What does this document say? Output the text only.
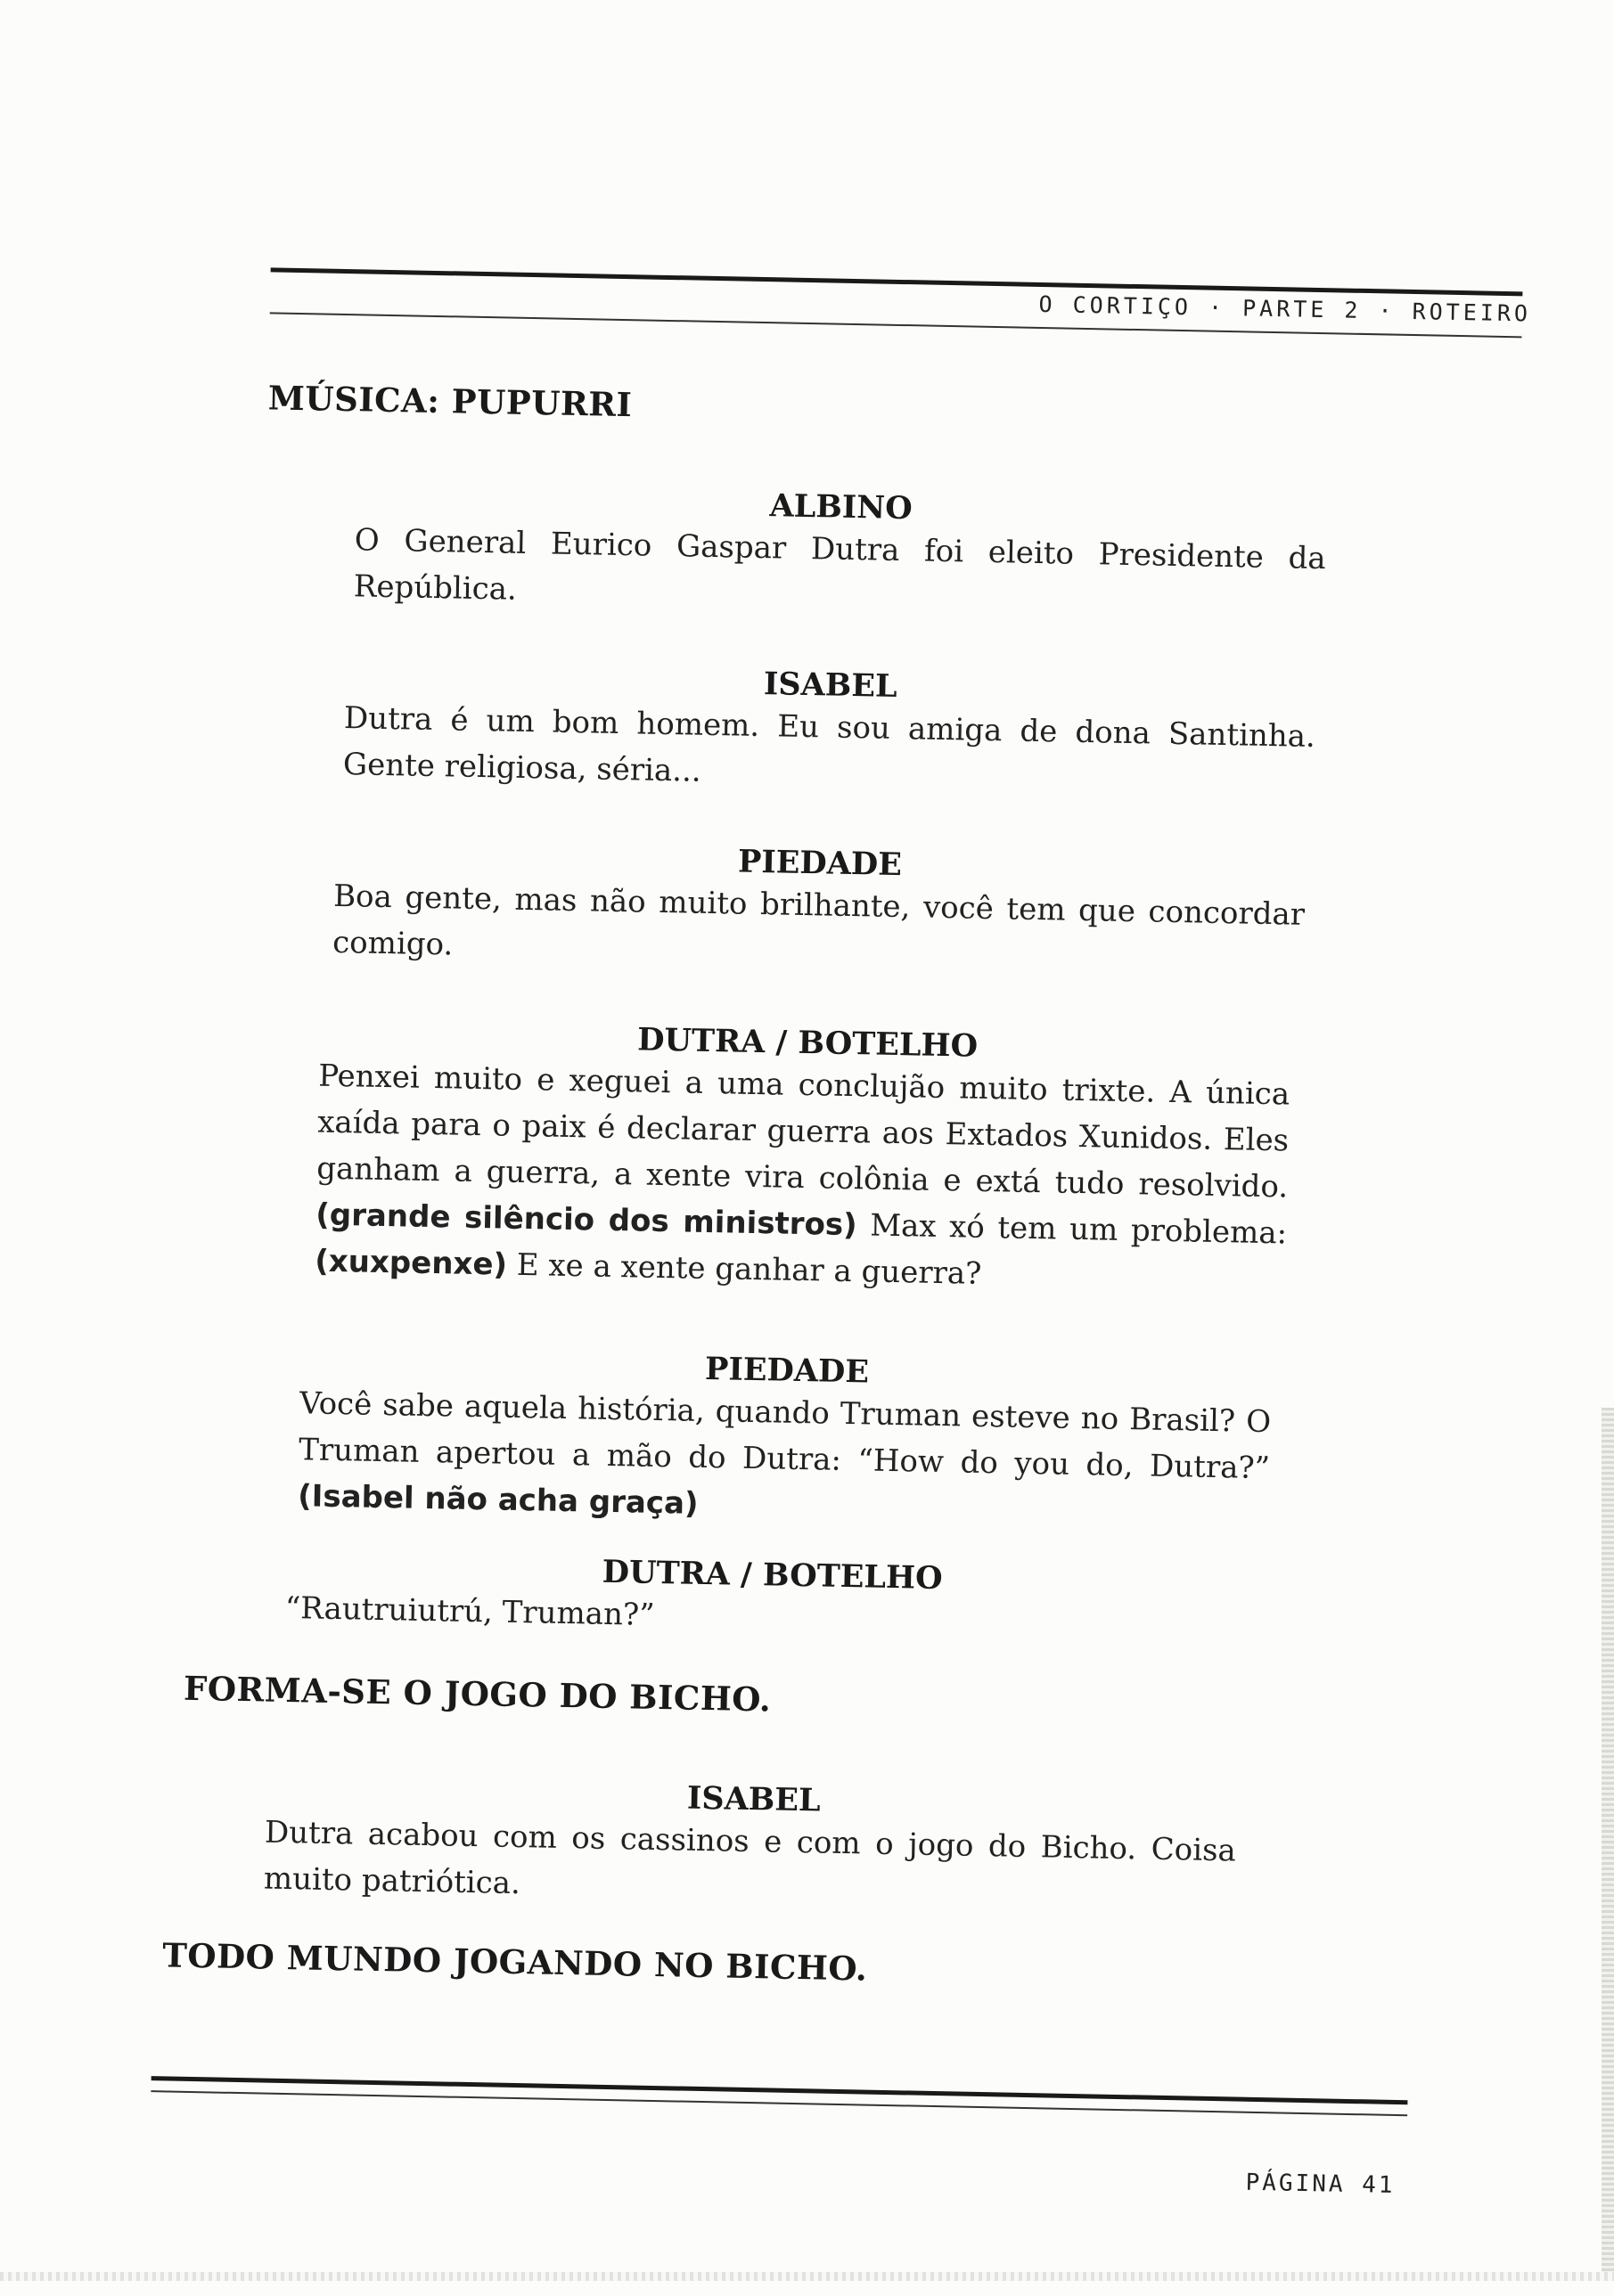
O CORTIÇO · PARTE 2 · ROTEIRO
MÚSICA: PUPURRI
ALBINO
O General Eurico Gaspar Dutra foi eleito Presidente da República.
ISABEL
Dutra é um bom homem. Eu sou amiga de dona Santinha. Gente religiosa, séria...
PIEDADE
Boa gente, mas não muito brilhante, você tem que concordar comigo.
DUTRA / BOTELHO
Penxei muito e xeguei a uma conclujão muito trixte. A única xaída para o paix é declarar guerra aos Extados Xunidos. Eles ganham a guerra, a xente vira colônia e extá tudo resolvido. (grande silêncio dos ministros) Max xó tem um problema: (xuxpenxe) E xe a xente ganhar a guerra?
PIEDADE
Você sabe aquela história, quando Truman esteve no Brasil? O Truman apertou a mão do Dutra: “How do you do, Dutra?” (Isabel não acha graça)
DUTRA / BOTELHO
“Rautruiutrú, Truman?”
FORMA-SE O JOGO DO BICHO.
ISABEL
Dutra acabou com os cassinos e com o jogo do Bicho. Coisa muito patriótica.
TODO MUNDO JOGANDO NO BICHO.
PÁGINA 41
